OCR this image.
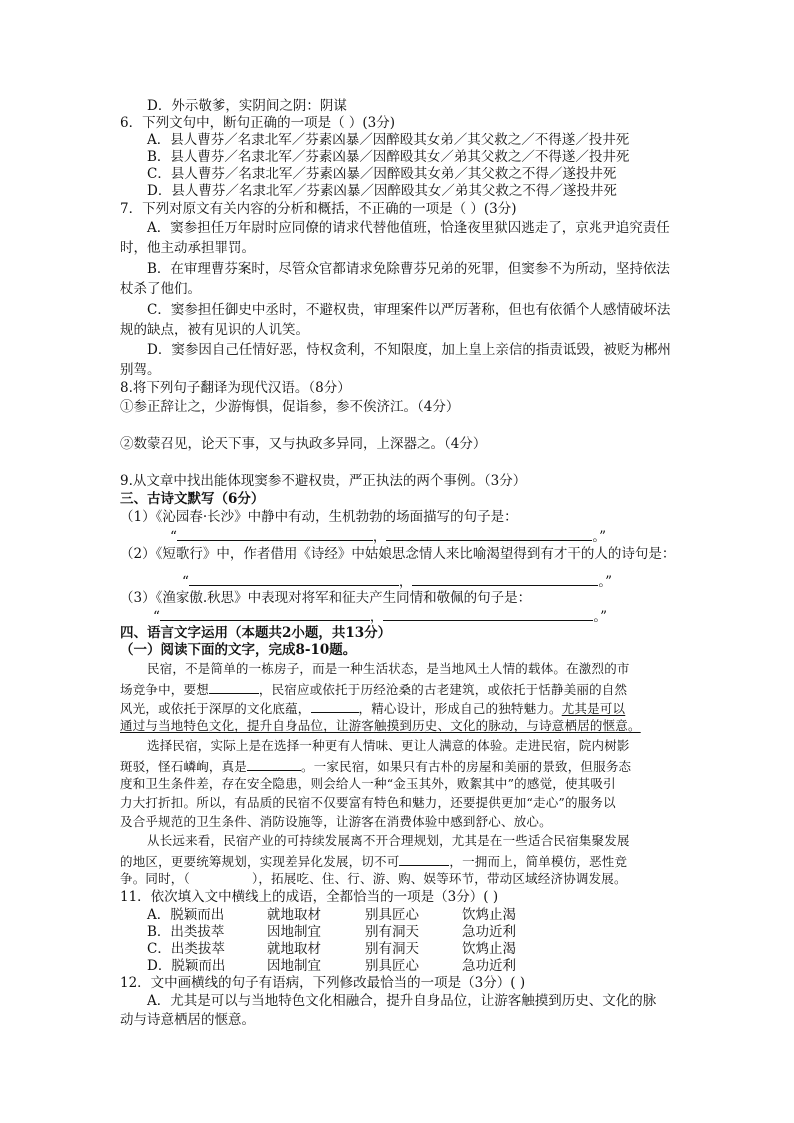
D．外示敬爹，实阴间之阴：阴谋
6．下列文句中，断句正确的一项是（ ）(3分)
A．县人曹芬／名隶北军／芬素凶暴／因醉殴其女弟／其父救之／不得遂／投井死
B．县人曹芬／名隶北军／芬素凶暴／因醉殴其女／弟其父救之／不得遂／投井死
C．县人曹芬／名隶北军／芬素凶暴／因醉殴其女弟／其父救之不得／遂投井死
D．县人曹芬／名隶北军／芬素凶暴／因醉殴其女／弟其父救之不得／遂投井死
7．下列对原文有关内容的分析和概括，不正确的一项是（ ）(3分)
A．窦参担任万年尉时应同僚的请求代替他值班，恰逢夜里狱囚逃走了，京兆尹追究责任
时，他主动承担罪罚。
B．在审理曹芬案时，尽管众官都请求免除曹芬兄弟的死罪，但窦参不为所动，坚持依法
杖杀了他们。
C．窦参担任御史中丞时，不避权贵，审理案件以严厉著称，但也有依循个人感情破坏法
规的缺点，被有见识的人讥笑。
D．窦参因自己任情好恶，恃权贪利，不知限度，加上皇上亲信的指责诋毁，被贬为郴州
别驾。
8.将下列句子翻译为现代汉语。（8分）
①参正辞让之，少游悔惧，促诣参，参不俟济江。（4分）
②数蒙召见，论天下事，又与执政多异同，上深器之。（4分）
9.从文章中找出能体现窦参不避权贵，严正执法的两个事例。（3分）
三、古诗文默写（6分）
（1）《沁园春·长沙》中静中有动，生机勃勃的场面描写的句子是：
“	，	。”
（2）《短歌行》中，作者借用《诗经》中姑娘思念情人来比喻渴望得到有才干的人的诗句是：
“	，	。”
（3）《渔家傲.秋思》中表现对将军和征夫产生同情和敬佩的句子是：
“	，	。”
四、语言文字运用（本题共2小题，共13分）
（一）阅读下面的文字，完成8-10题。
民宿，不是简单的一栋房子，而是一种生活状态，是当地风土人情的载体。在激烈的市
场竞争中，要想	，民宿应或依托于历经沧桑的古老建筑，或依托于恬静美丽的自然
风光，或依托于深厚的文化底蕴，	，精心设计，形成自己的独特魅力。尤其是可以
通过与当地特色文化，提升自身品位，让游客触摸到历史、文化的脉动，与诗意栖居的惬意。
选择民宿，实际上是在选择一种更有人情味、更让人满意的体验。走进民宿，院内树影
斑驳，怪石嶙峋，真是	。一家民宿，如果只有古朴的房屋和美丽的景致，但服务态
度和卫生条件差，存在安全隐患，则会给人一种“金玉其外，败絮其中”的感觉，使其吸引
力大打折扣。所以，有品质的民宿不仅要富有特色和魅力，还要提供更加“走心”的服务以
及合乎规范的卫生条件、消防设施等，让游客在消费体验中感到舒心、放心。
从长远来看，民宿产业的可持续发展离不开合理规划，尤其是在一些适合民宿集聚发展
的地区，更要统筹规划，实现差异化发展，切不可	，一拥而上，简单模仿，恶性竞
争。同时，（	），拓展吃、住、行、游、购、娱等环节，带动区域经济协调发展。
11．依次填入文中横线上的成语，全都恰当的一项是（3分）( )
A．脱颖而出	就地取材	别具匠心	饮鸩止渴
B．出类拔萃	因地制宜	别有洞天	急功近利
C．出类拔萃	就地取材	别有洞天	饮鸩止渴
D．脱颖而出	因地制宜	别具匠心	急功近利
12．文中画横线的句子有语病，下列修改最恰当的一项是（3分）( )
A．尤其是可以与当地特色文化相融合，提升自身品位，让游客触摸到历史、文化的脉
动与诗意栖居的惬意。
